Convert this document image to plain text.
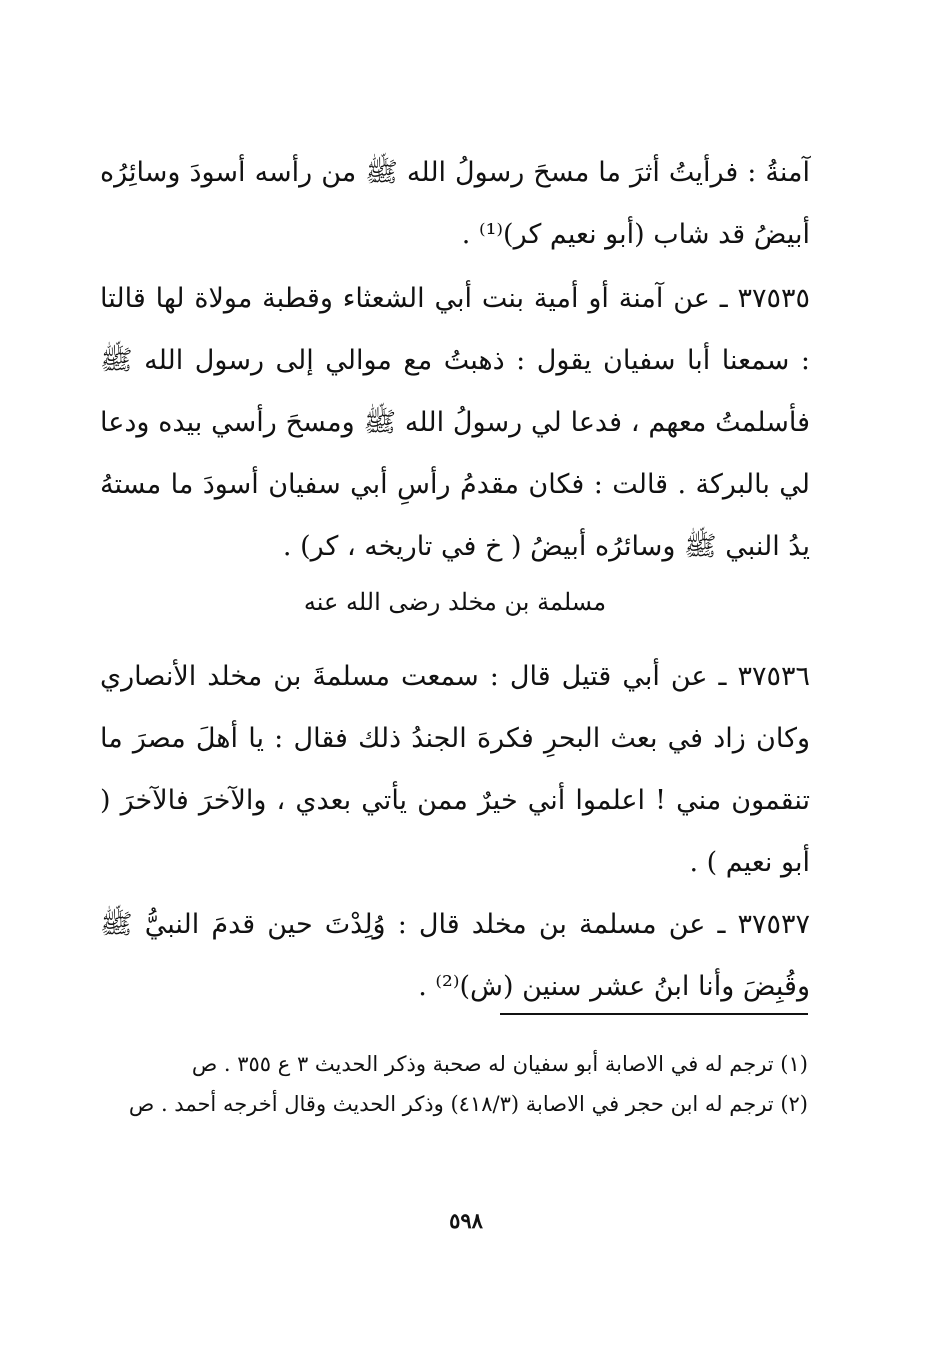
آمنةُ : فرأيتُ أثرَ ما مسحَ رسولُ الله ﷺ من رأسه أسودَ وسائِرُه أبيضُ قد شاب (أبو نعيم كر)⁽¹⁾ .

٣٧٥٣٥ ـ عن آمنة أو أمية بنت أبي الشعثاء وقطبة مولاة لها قالتا : سمعنا أبا سفيان يقول : ذهبتُ مع موالي إلى رسول الله ﷺ فأسلمتُ معهم ، فدعا لي رسولُ الله ﷺ ومسحَ رأسي بيده ودعا لي بالبركة . قالت : فكان مقدمُ رأسِ أبي سفيان أسودَ ما مستهُ يدُ النبي ﷺ وسائرُه أبيضُ ( خ في تاريخه ، كر) .

مسلمة بن مخلد رضى الله عنه

٣٧٥٣٦ ـ عن أبي قتيل قال : سمعت مسلمةَ بن مخلد الأنصاري وكان زاد في بعث البحرِ فكرهَ الجندُ ذلك فقال : يا أهلَ مصرَ ما تنقمون مني ! اعلموا أني خيرٌ ممن يأتي بعدي ، والآخرَ فالآخرَ ( أبو نعيم ) .

٣٧٥٣٧ ـ عن مسلمة بن مخلد قال : وُلِدْتَ حين قدمَ النبيُّ ﷺ وقُبِضَ وأنا ابنُ عشر سنين (ش)⁽²⁾ .

(١) ترجم له في الاصابة أبو سفيان له صحبة وذكر الحديث ٣ ع ٣٥٥ . ص

(٢) ترجم له ابن حجر في الاصابة (٤١٨/٣) وذكر الحديث وقال أخرجه أحمد . ص

٥٩٨
